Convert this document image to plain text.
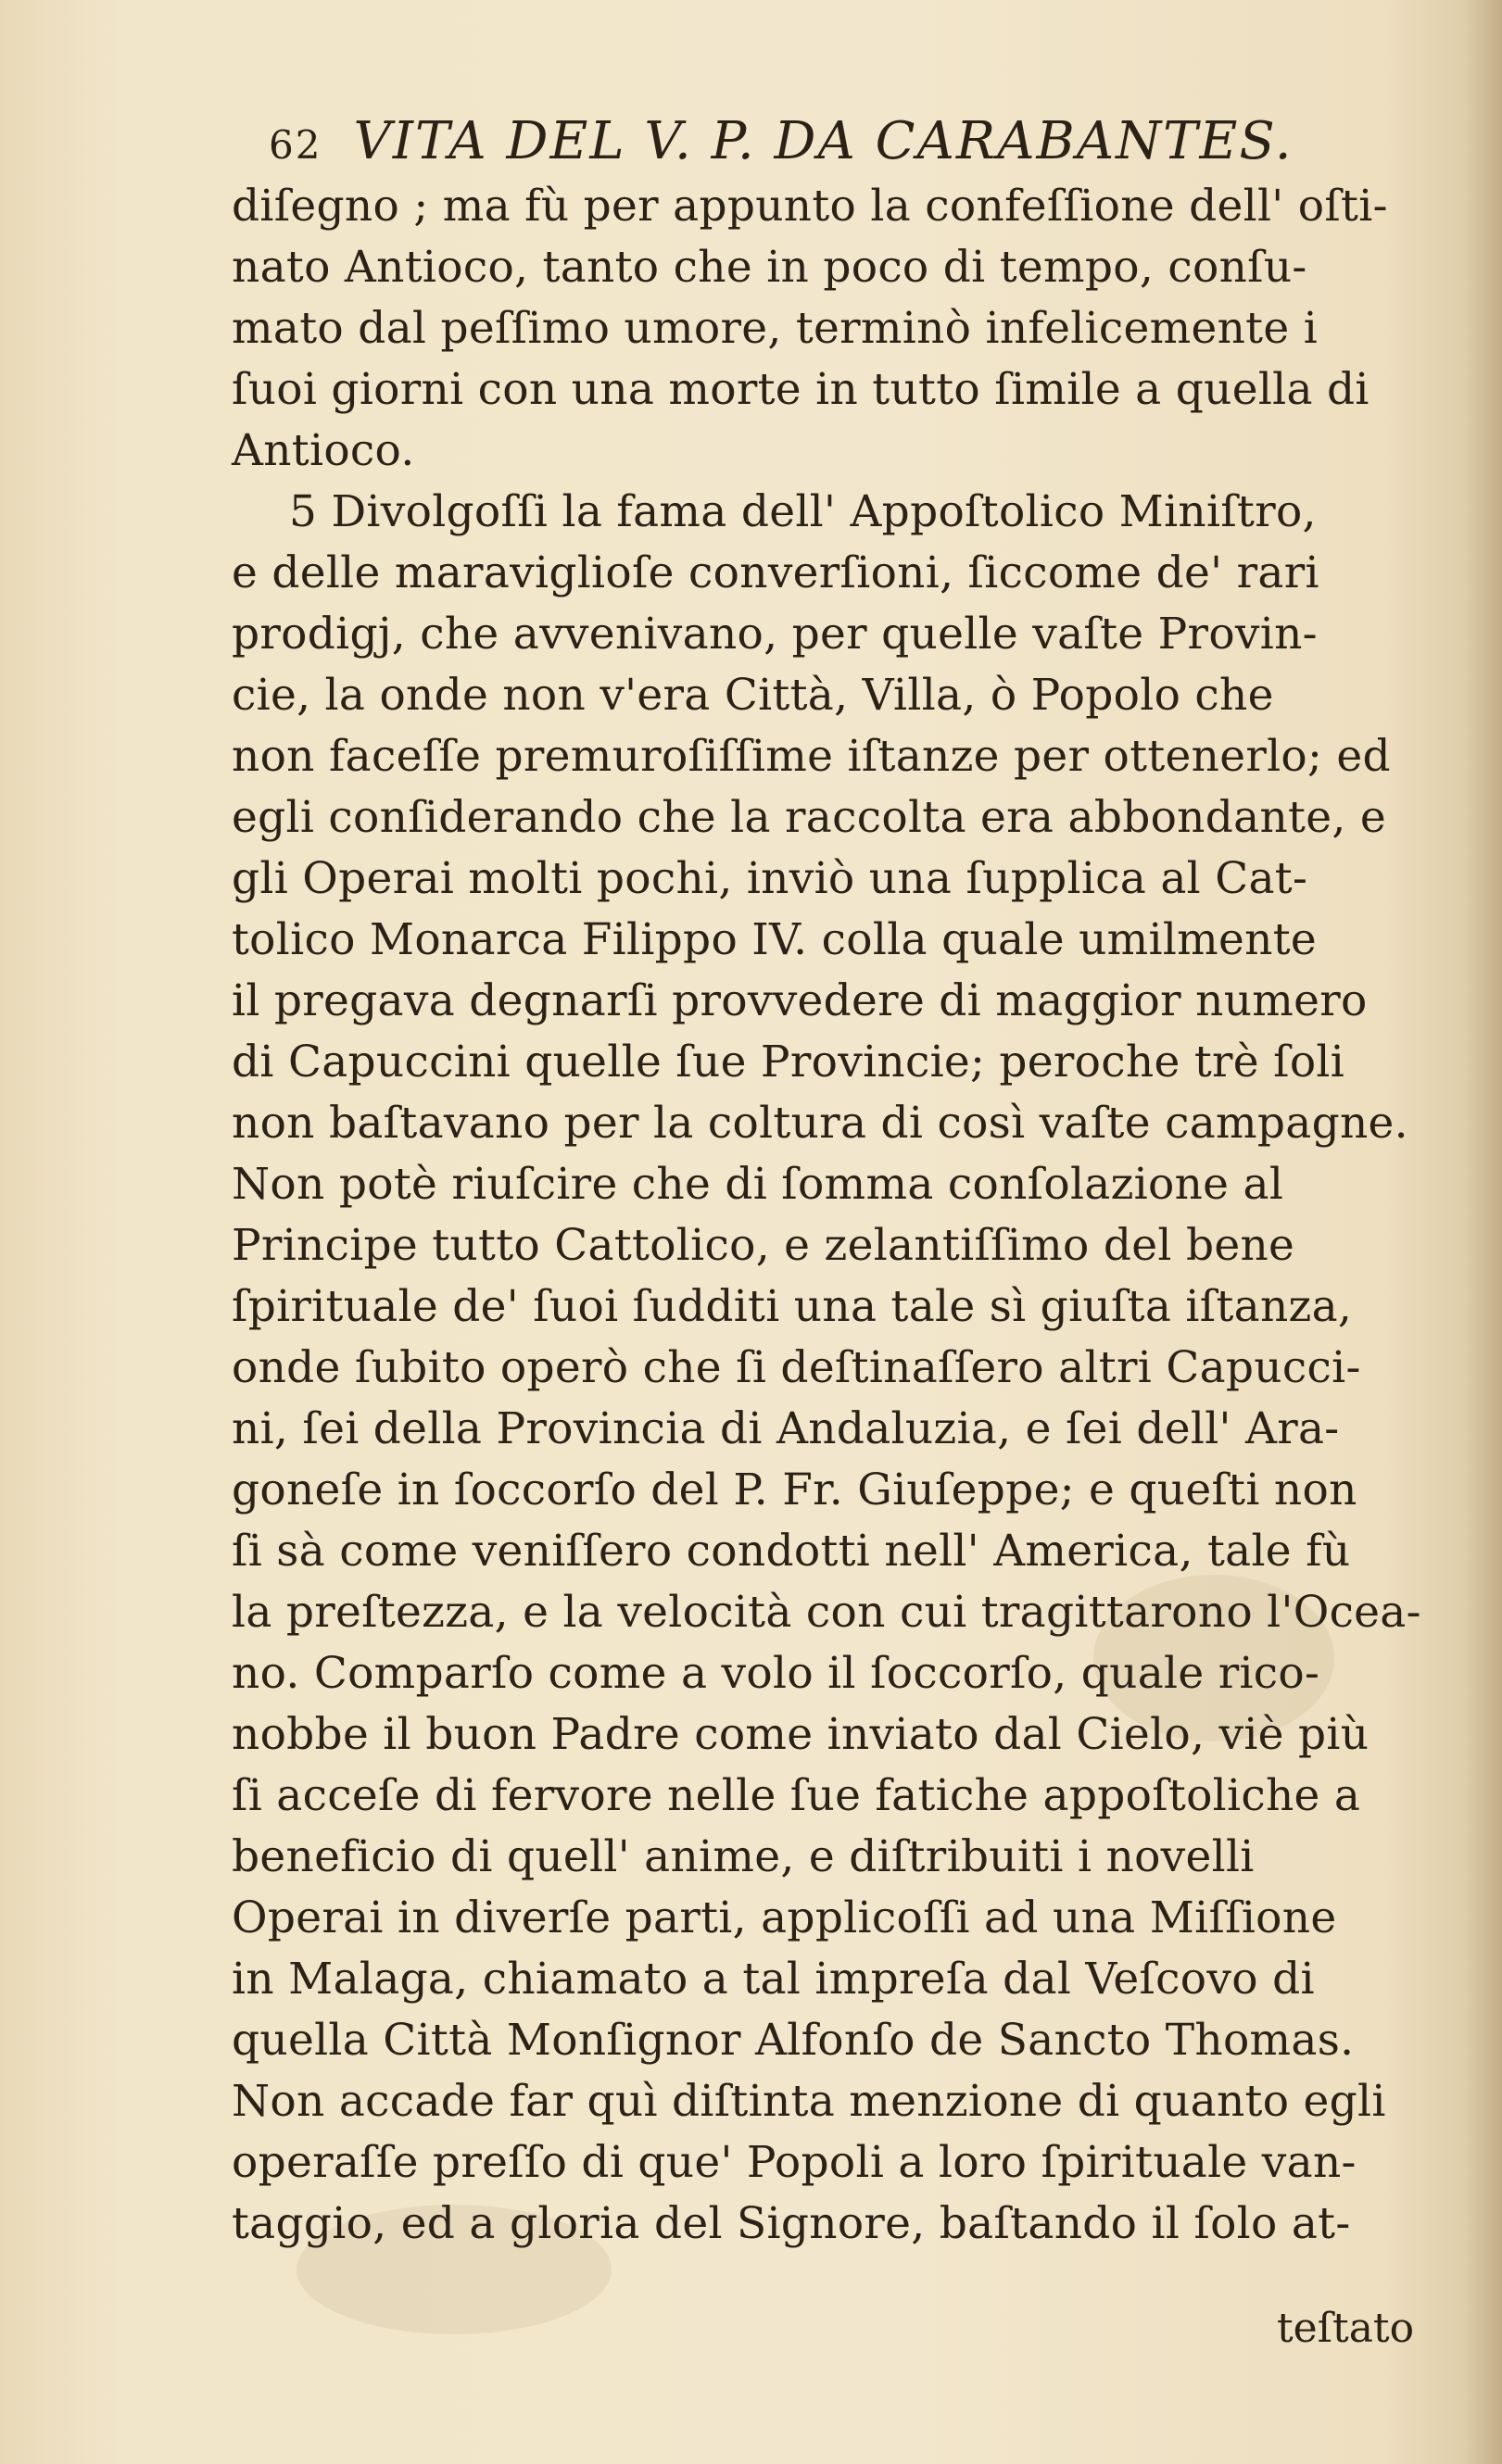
62 VITA DEL V. P. DA CARABANTES.
diſegno ; ma fù per appunto la confeſſione dell' oſti-
nato Antioco, tanto che in poco di tempo, conſu-
mato dal peſſimo umore, terminò infelicemente i
ſuoi giorni con una morte in tutto ſimile a quella di
Antioco.
5 Divolgoſſi la fama dell' Appoſtolico Miniſtro,
e delle maraviglioſe converſioni, ſiccome de' rari
prodigj, che avvenivano, per quelle vaſte Provin-
cie, la onde non v'era Città, Villa, ò Popolo che
non faceſſe premuroſiſſime iſtanze per ottenerlo; ed
egli conſiderando che la raccolta era abbondante, e
gli Operai molti pochi, inviò una ſupplica al Cat-
tolico Monarca Filippo IV. colla quale umilmente
il pregava degnarſi provvedere di maggior numero
di Capuccini quelle ſue Provincie; peroche trè ſoli
non baſtavano per la coltura di così vaſte campagne.
Non potè riuſcire che di ſomma conſolazione al
Principe tutto Cattolico, e zelantiſſimo del bene
ſpirituale de' ſuoi ſudditi una tale sì giuſta iſtanza,
onde ſubito operò che ſi deſtinaſſero altri Capucci-
ni, ſei della Provincia di Andaluzia, e ſei dell' Ara-
goneſe in ſoccorſo del P. Fr. Giuſeppe; e queſti non
ſi sà come veniſſero condotti nell' America, tale fù
la preſtezza, e la velocità con cui tragittarono l'Ocea-
no. Comparſo come a volo il ſoccorſo, quale rico-
nobbe il buon Padre come inviato dal Cielo, viè più
ſi acceſe di fervore nelle ſue fatiche appoſtoliche a
beneficio di quell' anime, e diſtribuiti i novelli
Operai in diverſe parti, applicoſſi ad una Miſſione
in Malaga, chiamato a tal impreſa dal Veſcovo di
quella Città Monſignor Alfonſo de Sancto Thomas.
Non accade far quì diſtinta menzione di quanto egli
operaſſe preſſo di que' Popoli a loro ſpirituale van-
taggio, ed a gloria del Signore, baſtando il ſolo at-
teſtato
